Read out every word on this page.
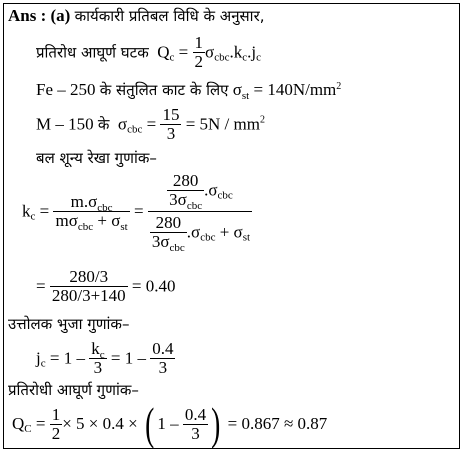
Ans : (a) कार्यकारी प्रतिबल विधि के अनुसार,
प्रतिरोध आघूर्ण घटक $Q_c = \frac{1}{2} \sigma_{cbc}.k_c.j_c$
Fe – 250 के संतुलित काट के लिए $\sigma_{st} = 140N/mm^2$
M – 150 के $\sigma_{cbc} = \frac{15}{3} = 5N / mm^2$
बल शून्य रेखा गुणांक–
$k_c = \frac{m.\sigma_{cbc}}{m\sigma_{cbc} + \sigma_{st}} = \frac{\frac{280}{3\sigma_{cbc}} .\sigma_{cbc}}{\frac{280}{3\sigma_{cbc}} .\sigma_{cbc} + \sigma_{st}}$
= $\frac{280/3}{280/3+140} = 0.40$
उत्तोलक भुजा गुणांक–
$j_c = 1 - \frac{k_c}{3} = 1 - \frac{0.4}{3}$
प्रतिरोधी आघूर्ण गुणांक–
$Q_C = \frac{1}{2} \times 5 \times 0.4$ × ( $1 - \frac{0.4}{3}$ ) = 0.867 ≈ 0.87
